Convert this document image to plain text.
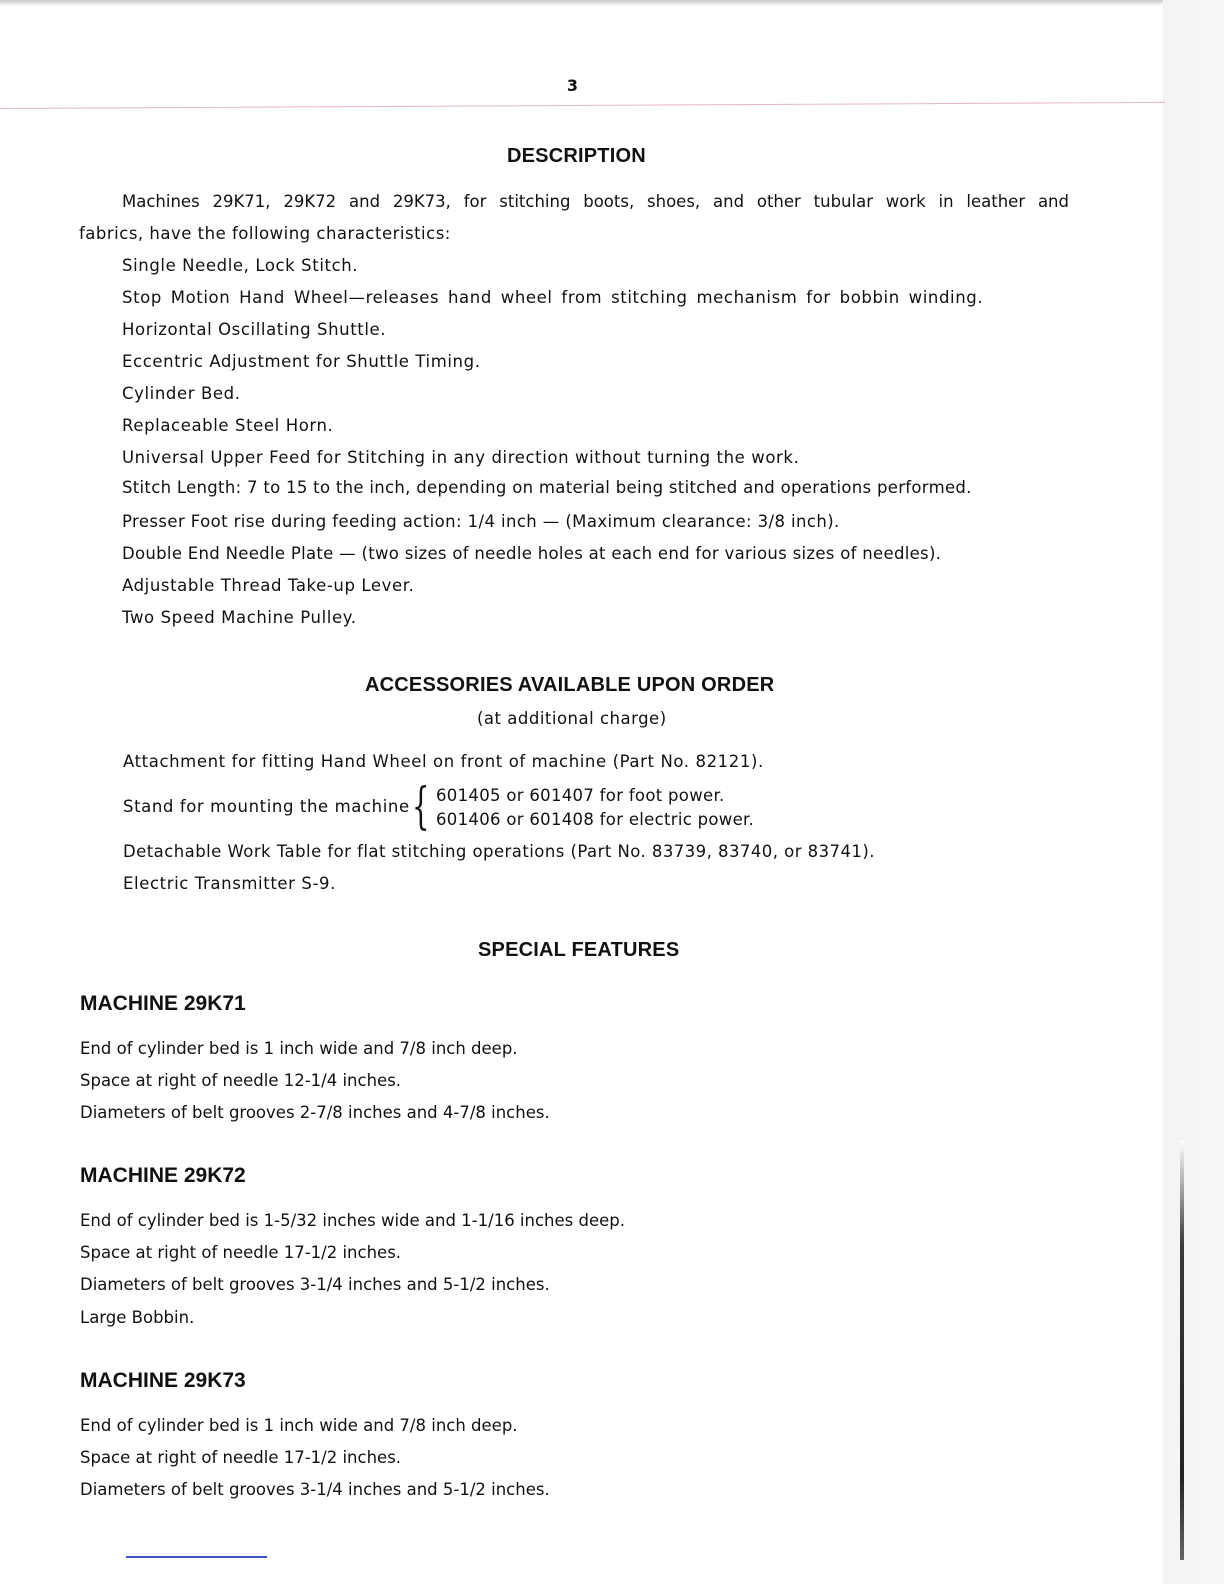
3
DESCRIPTION
Machines 29K71, 29K72 and 29K73, for stitching boots, shoes, and other tubular work in leather and
fabrics, have the following characteristics:
Single Needle, Lock Stitch.
Stop Motion Hand Wheel—releases hand wheel from stitching mechanism for bobbin winding.
Horizontal Oscillating Shuttle.
Eccentric Adjustment for Shuttle Timing.
Cylinder Bed.
Replaceable Steel Horn.
Universal Upper Feed for Stitching in any direction without turning the work.
Stitch Length: 7 to 15 to the inch, depending on material being stitched and operations performed.
Presser Foot rise during feeding action: 1/4 inch — (Maximum clearance: 3/8 inch).
Double End Needle Plate — (two sizes of needle holes at each end for various sizes of needles).
Adjustable Thread Take-up Lever.
Two Speed Machine Pulley.
ACCESSORIES AVAILABLE UPON ORDER
(at additional charge)
Attachment for fitting Hand Wheel on front of machine (Part No. 82121).
Stand for mounting the machine { 601405 or 601407 for foot power.
601406 or 601408 for electric power.
Detachable Work Table for flat stitching operations (Part No. 83739, 83740, or 83741).
Electric Transmitter S-9.
SPECIAL FEATURES
MACHINE 29K71
End of cylinder bed is 1 inch wide and 7/8 inch deep.
Space at right of needle 12-1/4 inches.
Diameters of belt grooves 2-7/8 inches and 4-7/8 inches.
MACHINE 29K72
End of cylinder bed is 1-5/32 inches wide and 1-1/16 inches deep.
Space at right of needle 17-1/2 inches.
Diameters of belt grooves 3-1/4 inches and 5-1/2 inches.
Large Bobbin.
MACHINE 29K73
End of cylinder bed is 1 inch wide and 7/8 inch deep.
Space at right of needle 17-1/2 inches.
Diameters of belt grooves 3-1/4 inches and 5-1/2 inches.
